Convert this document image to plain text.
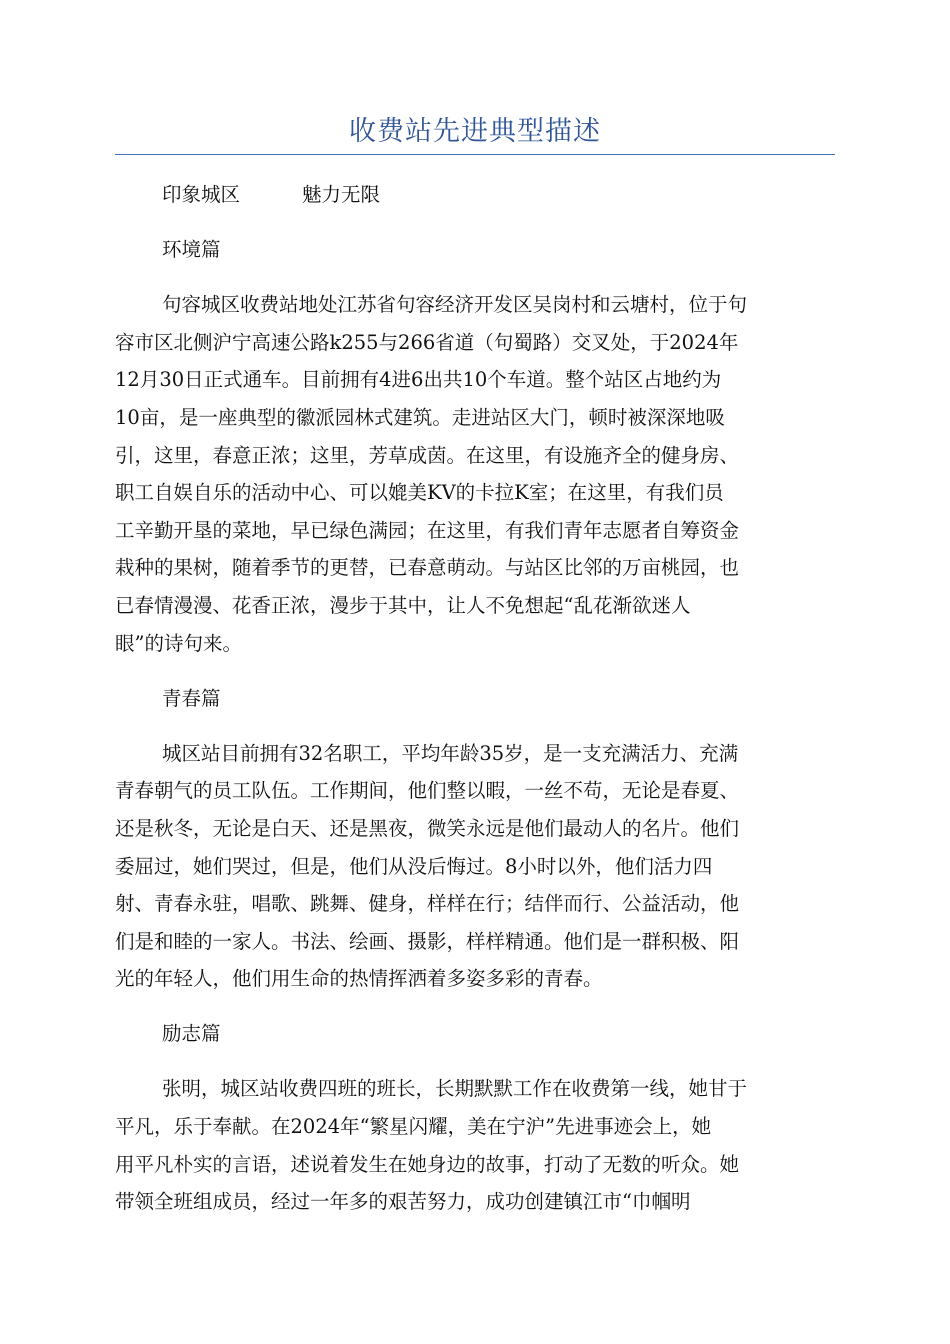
收费站先进典型描述
印象城区	魅力无限
环境篇

句容城区收费站地处江苏省句容经济开发区吴岗村和云塘村，位于句
容市区北侧沪宁高速公路k255与266省道（句蜀路）交叉处，于2024年
12月30日正式通车。目前拥有4进6出共10个车道。整个站区占地约为
10亩，是一座典型的徽派园林式建筑。走进站区大门，顿时被深深地吸
引，这里，春意正浓；这里，芳草成茵。在这里，有设施齐全的健身房、
职工自娱自乐的活动中心、可以媲美KV的卡拉K室；在这里，有我们员
工辛勤开垦的菜地，早已绿色满园；在这里，有我们青年志愿者自筹资金
栽种的果树，随着季节的更替，已春意萌动。与站区比邻的万亩桃园，也
已春情漫漫、花香正浓，漫步于其中，让人不免想起“乱花渐欲迷人
眼”的诗句来。

青春篇

城区站目前拥有32名职工，平均年龄35岁，是一支充满活力、充满
青春朝气的员工队伍。工作期间，他们整以暇，一丝不苟，无论是春夏、
还是秋冬，无论是白天、还是黑夜，微笑永远是他们最动人的名片。他们
委屈过，她们哭过，但是，他们从没后悔过。8小时以外，他们活力四
射、青春永驻，唱歌、跳舞、健身，样样在行；结伴而行、公益活动，他
们是和睦的一家人。书法、绘画、摄影，样样精通。他们是一群积极、阳
光的年轻人，他们用生命的热情挥洒着多姿多彩的青春。

励志篇

张明，城区站收费四班的班长，长期默默工作在收费第一线，她甘于
平凡，乐于奉献。在2024年“繁星闪耀，美在宁沪”先进事迹会上，她
用平凡朴实的言语，述说着发生在她身边的故事，打动了无数的听众。她
带领全班组成员，经过一年多的艰苦努力，成功创建镇江市“巾帼明
